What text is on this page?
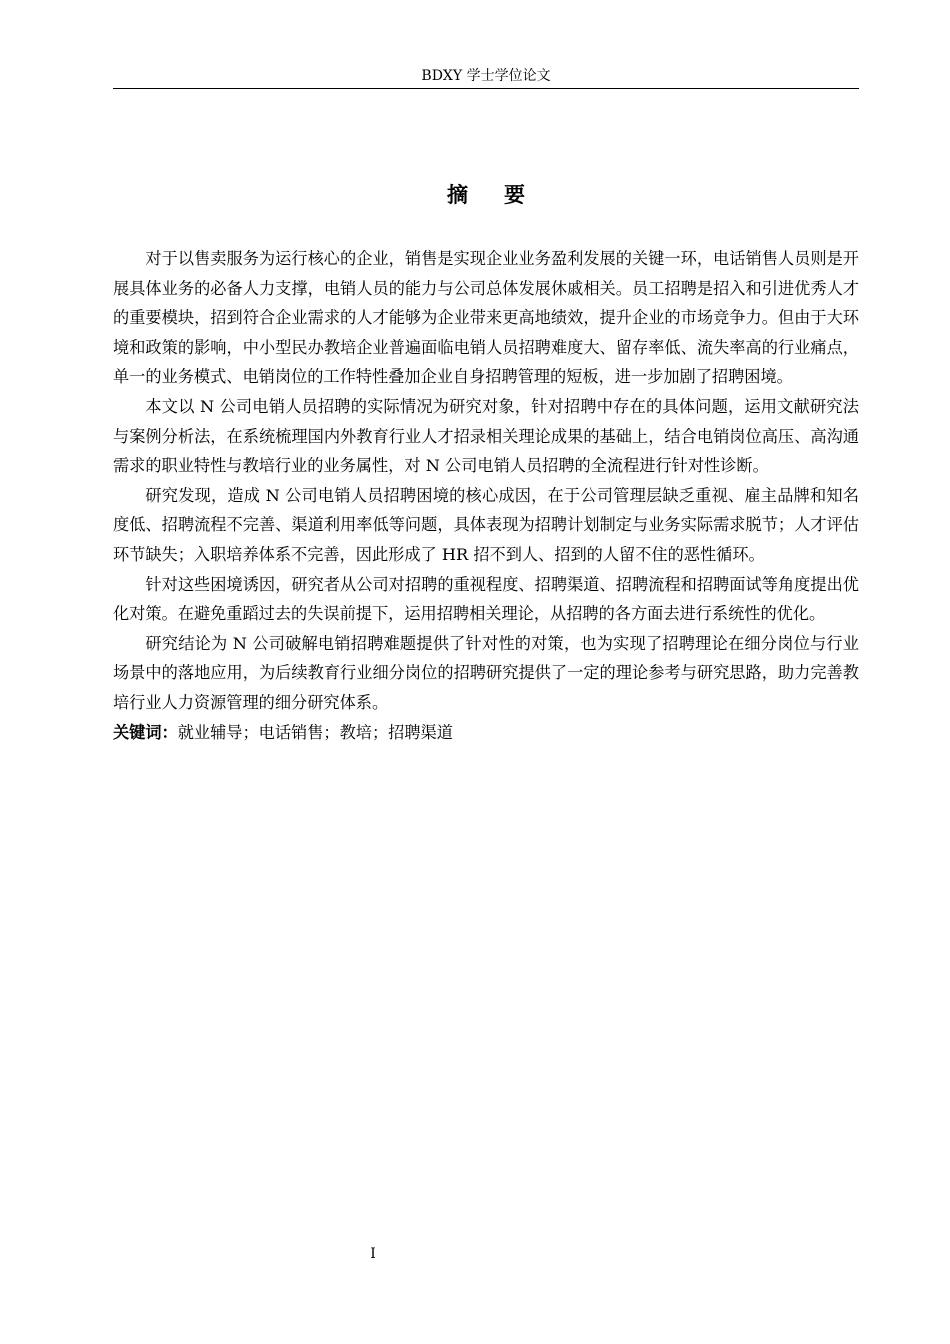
BDXY 学士学位论文
摘要

对于以售卖服务为运行核心的企业，销售是实现企业业务盈利发展的关键一环，电话销售人员则是开展具体业务的必备人力支撑，电销人员的能力与公司总体发展休戚相关。员工招聘是招入和引进优秀人才的重要模块，招到符合企业需求的人才能够为企业带来更高地绩效，提升企业的市场竞争力。但由于大环境和政策的影响，中小型民办教培企业普遍面临电销人员招聘难度大、留存率低、流失率高的行业痛点，单一的业务模式、电销岗位的工作特性叠加企业自身招聘管理的短板，进一步加剧了招聘困境。

本文以 N 公司电销人员招聘的实际情况为研究对象，针对招聘中存在的具体问题，运用文献研究法与案例分析法，在系统梳理国内外教育行业人才招录相关理论成果的基础上，结合电销岗位高压、高沟通需求的职业特性与教培行业的业务属性，对 N 公司电销人员招聘的全流程进行针对性诊断。

研究发现，造成 N 公司电销人员招聘困境的核心成因，在于公司管理层缺乏重视、雇主品牌和知名度低、招聘流程不完善、渠道利用率低等问题，具体表现为招聘计划制定与业务实际需求脱节；人才评估环节缺失；入职培养体系不完善，因此形成了 HR 招不到人、招到的人留不住的恶性循环。

针对这些困境诱因，研究者从公司对招聘的重视程度、招聘渠道、招聘流程和招聘面试等角度提出优化对策。在避免重蹈过去的失误前提下，运用招聘相关理论，从招聘的各方面去进行系统性的优化。

研究结论为 N 公司破解电销招聘难题提供了针对性的对策，也为实现了招聘理论在细分岗位与行业场景中的落地应用，为后续教育行业细分岗位的招聘研究提供了一定的理论参考与研究思路，助力完善教培行业人力资源管理的细分研究体系。

关键词：就业辅导；电话销售；教培；招聘渠道
I
